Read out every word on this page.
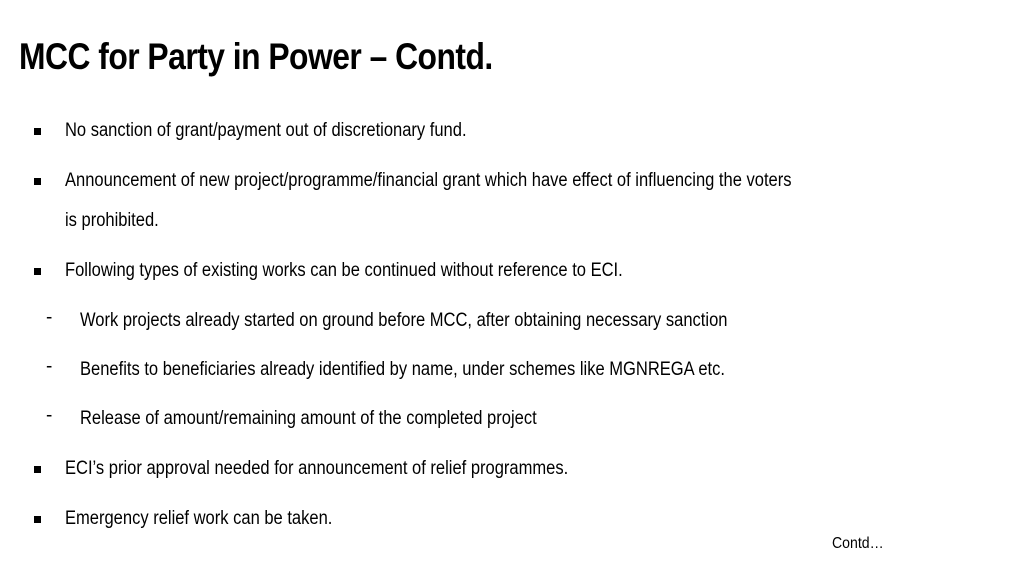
MCC for Party in Power – Contd.
No sanction of grant/payment out of discretionary fund.
Announcement of new project/programme/financial grant which have effect of influencing the voters
is prohibited.
Following types of existing works can be continued without reference to ECI.
- Work projects already started on ground before MCC, after obtaining necessary sanction
- Benefits to beneficiaries already identified by name, under schemes like MGNREGA etc.
- Release of amount/remaining amount of the completed project
ECI’s prior approval needed for announcement of relief programmes.
Emergency relief work can be taken.
Contd…
